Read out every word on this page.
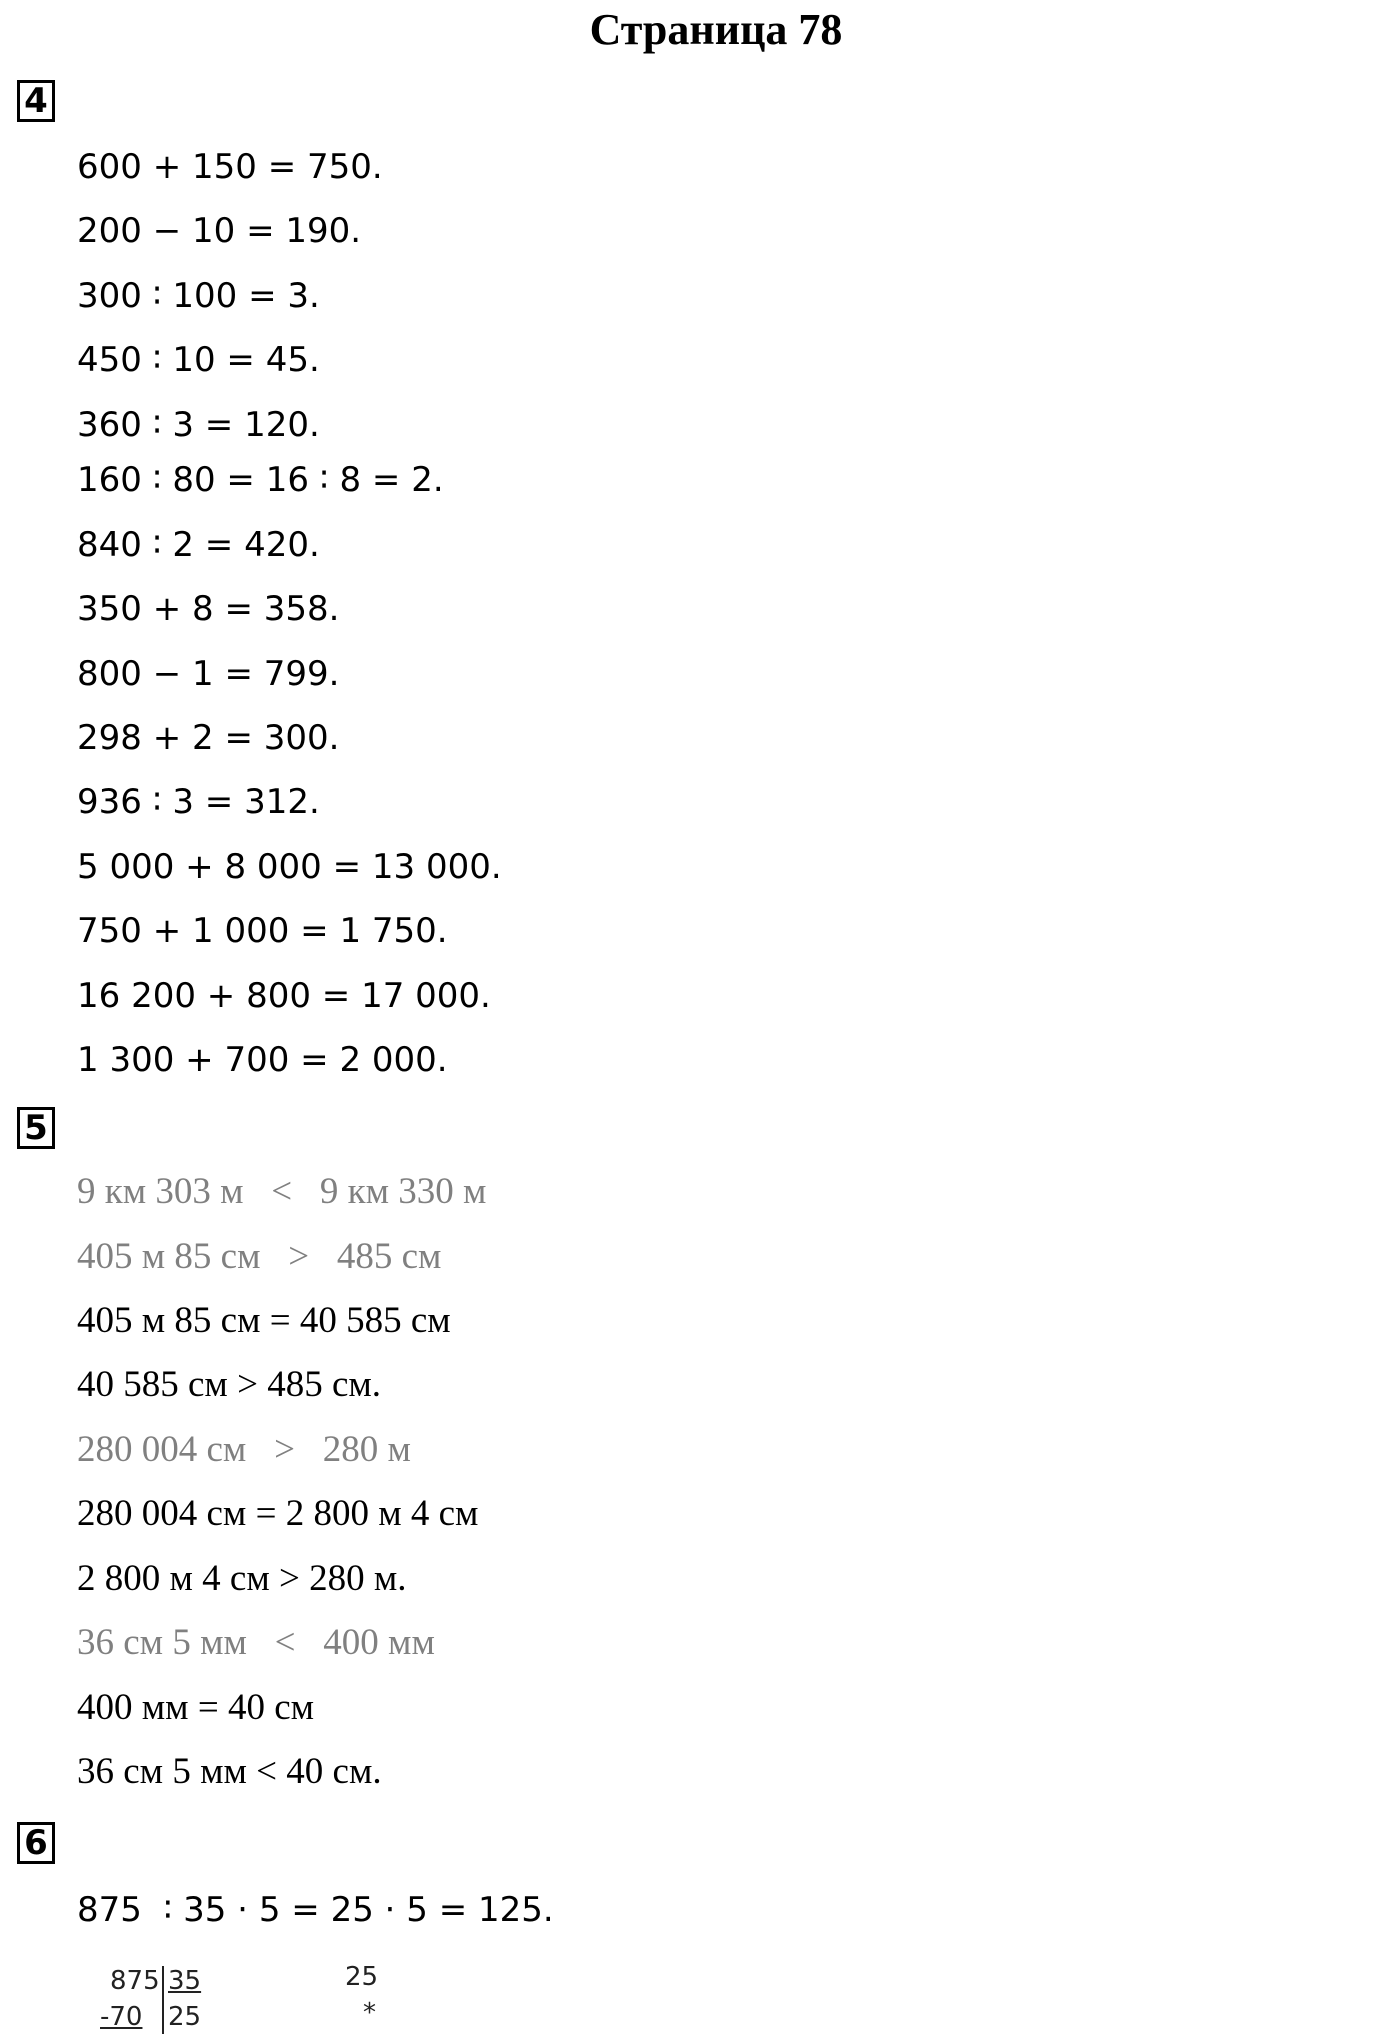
Страница 78
4
600 + 150 = 750.
200 − 10 = 190.
300 ∶ 100 = 3.
450 ∶ 10 = 45.
360 ∶ 3 = 120.
160 ∶ 80 = 16 ∶ 8 = 2.
840 ∶ 2 = 420.
350 + 8 = 358.
800 − 1 = 799.
298 + 2 = 300.
936 ∶ 3 = 312.
5 000 + 8 000 = 13 000.
750 + 1 000 = 1 750.
16 200 + 800 = 17 000.
1 300 + 700 = 2 000.
5
9 км 303 м   <   9 км 330 м
405 м 85 см   >   485 см
405 м 85 см = 40 585 см
40 585 см > 485 см.
280 004 см   >   280 м
280 004 см = 2 800 м 4 см
2 800 м 4 см > 280 м.
36 см 5 мм   <   400 мм
400 мм = 40 см
36 см 5 мм < 40 см.
6
875  ∶ 35 ⋅ 5 = 25 ⋅ 5 = 125.
875 35
-70 25
25
*
